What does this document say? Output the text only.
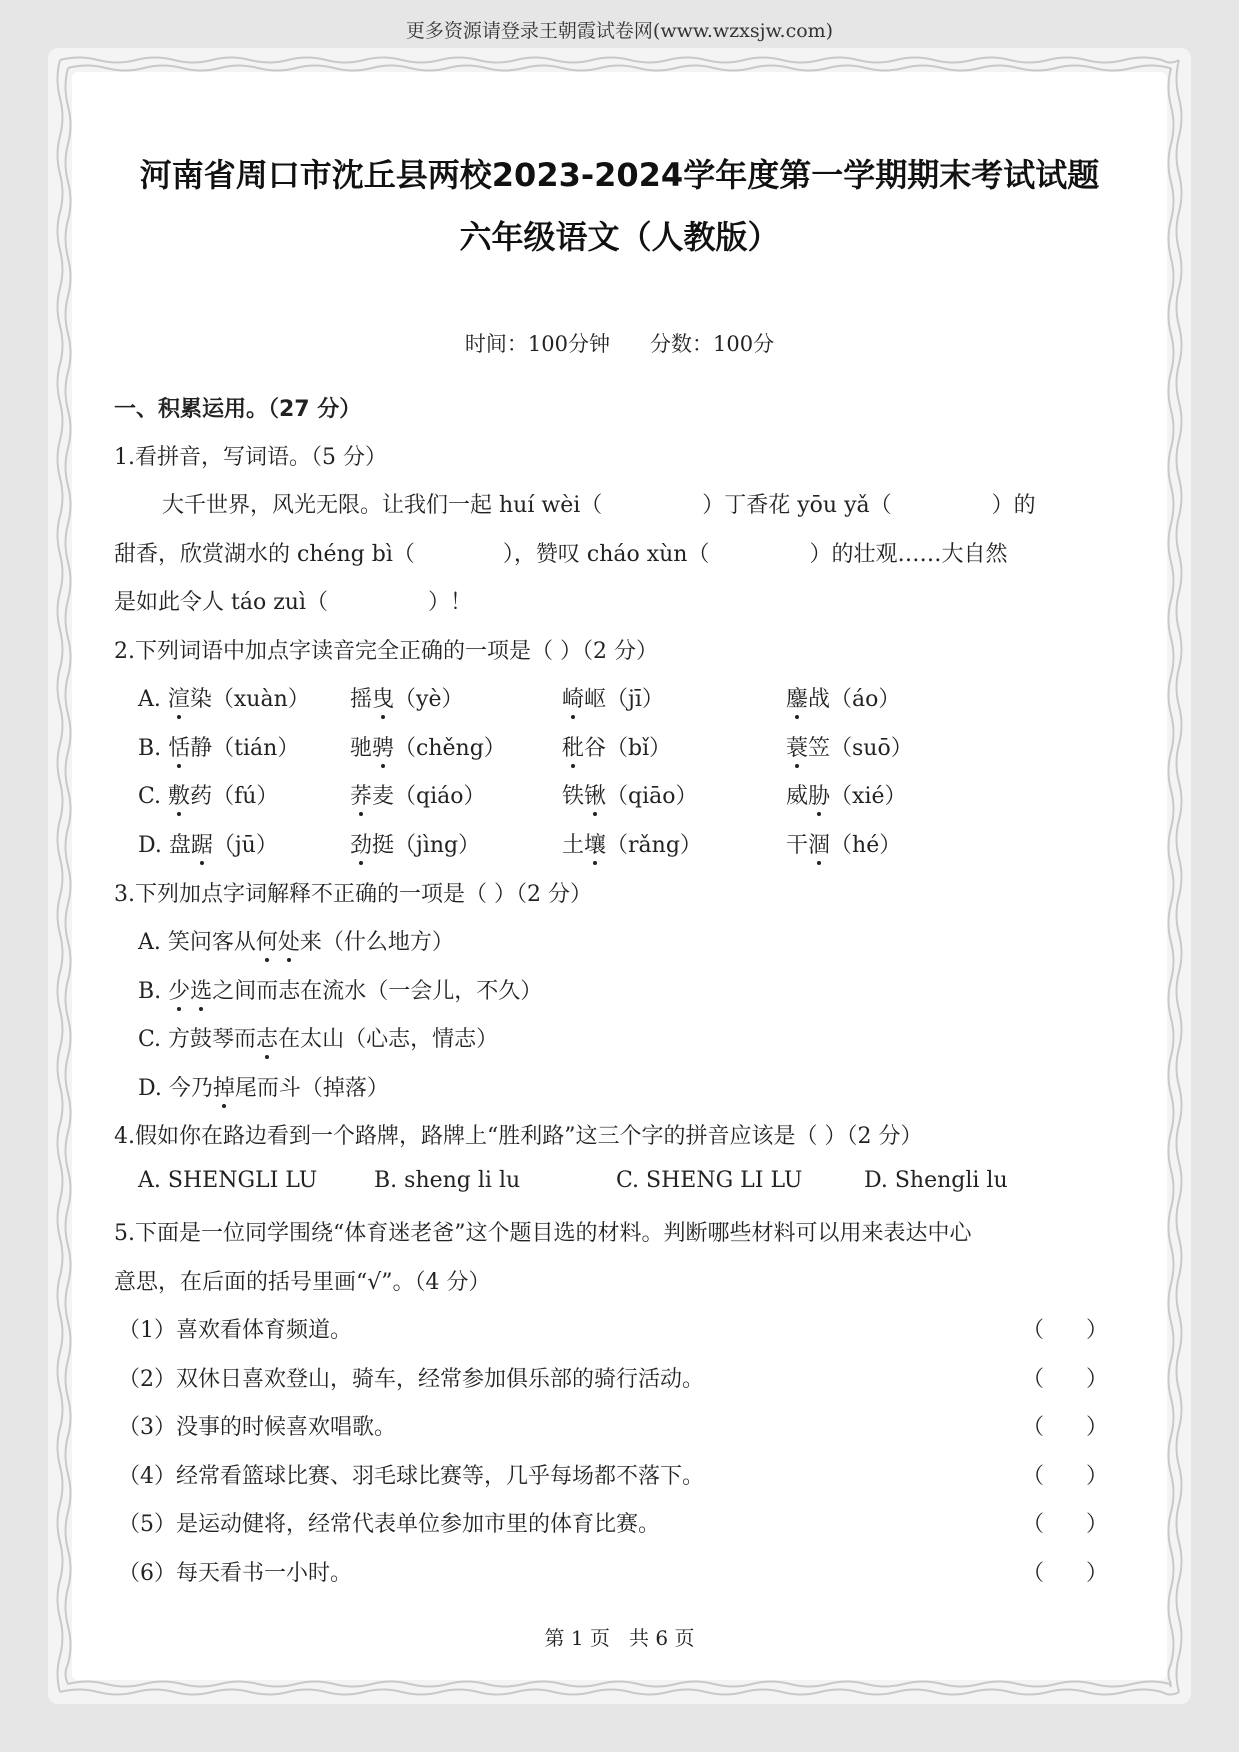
更多资源请登录王朝霞试卷网(www.wzxsjw.com)
河南省周口市沈丘县两校2023-2024学年度第一学期期末考试试题
六年级语文（人教版）
时间：100分钟      分数：100分
一、积累运用。（27 分）
1.看拼音，写词语。（5 分）
大千世界，风光无限。让我们一起 huí wèi（	）丁香花 yōu yǎ（	）的
甜香，欣赏湖水的 chéng bì（	），赞叹 cháo xùn（	）的壮观……大自然
是如此令人 táo zuì（	）！
2.下列词语中加点字读音完全正确的一项是（ ）（2 分）
A. 渲染（xuàn） 摇曳（yè）	崎岖（jī）	鏖战（áo）
B. 恬静（tián） 驰骋（chěng）	秕谷（bǐ）	蓑笠（suō）
C. 敷药（fú）	荞麦（qiáo）	铁锹（qiāo）	威胁（xié）
D. 盘踞（jū）	劲挺（jìng）	土壤（rǎng）	干涸（hé）
3.下列加点字词解释不正确的一项是（ ）（2 分）
A. 笑问客从何处来（什么地方）
B. 少选之间而志在流水（一会儿，不久）
C. 方鼓琴而志在太山（心志，情志）
D. 今乃掉尾而斗（掉落）
4.假如你在路边看到一个路牌，路牌上“胜利路”这三个字的拼音应该是（ ）（2 分）
A. SHENGLI LU	B. sheng li lu	C. SHENG LI LU	D. Shengli lu
5.下面是一位同学围绕“体育迷老爸”这个题目选的材料。判断哪些材料可以用来表达中心
意思，在后面的括号里画“√”。（4 分）
（1）喜欢看体育频道。	（      ）
（2）双休日喜欢登山，骑车，经常参加俱乐部的骑行活动。	（      ）
（3）没事的时候喜欢唱歌。	（      ）
（4）经常看篮球比赛、羽毛球比赛等，几乎每场都不落下。	（      ）
（5）是运动健将，经常代表单位参加市里的体育比赛。	（      ）
（6）每天看书一小时。	（      ）
第 1 页   共 6 页
